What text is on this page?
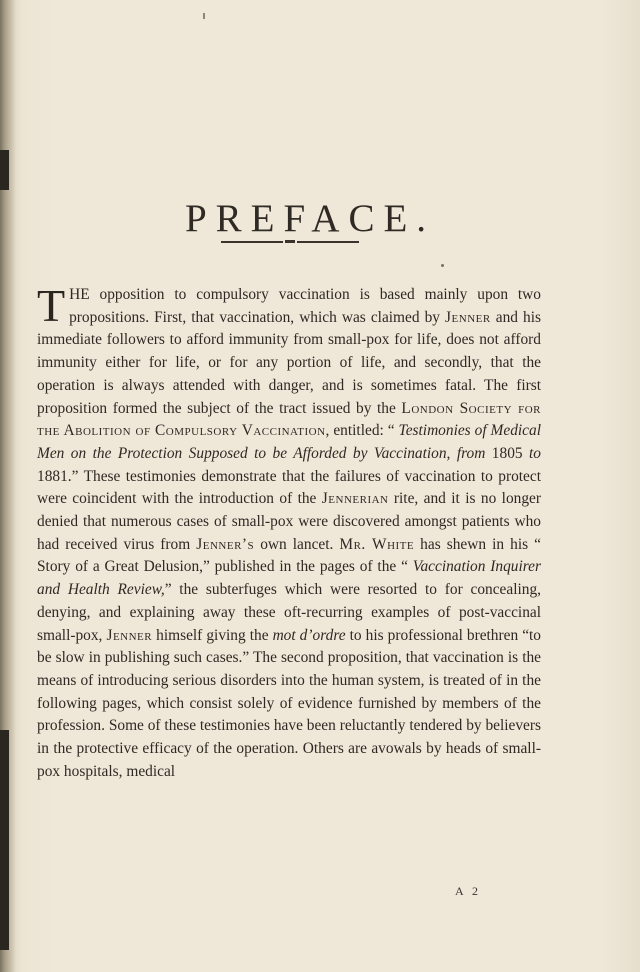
PREFACE.
THE opposition to compulsory vaccination is based mainly upon two propositions. First, that vaccination, which was claimed by Jenner and his immediate followers to afford immunity from small-pox for life, does not afford immunity either for life, or for any portion of life, and secondly, that the operation is always attended with danger, and is sometimes fatal. The first proposition formed the subject of the tract issued by the London Society for the Abolition of Compulsory Vaccination, entitled: “ Testimonies of Medical Men on the Protection Supposed to be Afforded by Vaccination, from 1805 to 1881.” These testimonies demonstrate that the failures of vaccination to protect were coincident with the introduction of the Jennerian rite, and it is no longer denied that numerous cases of small-pox were discovered amongst patients who had received virus from Jenner’s own lancet. Mr. White has shewn in his “ Story of a Great Delusion,” published in the pages of the “ Vaccination Inquirer and Health Review,” the subterfuges which were resorted to for concealing, denying, and explaining away these oft-recurring examples of post-vaccinal small-pox, Jenner himself giving the mot d’ordre to his professional brethren “to be slow in publishing such cases.” The second proposition, that vaccination is the means of introducing serious disorders into the human system, is treated of in the following pages, which consist solely of evidence furnished by members of the profession. Some of these testimonies have been reluctantly tendered by believers in the protective efficacy of the operation. Others are avowals by heads of small-pox hospitals, medical
A 2
